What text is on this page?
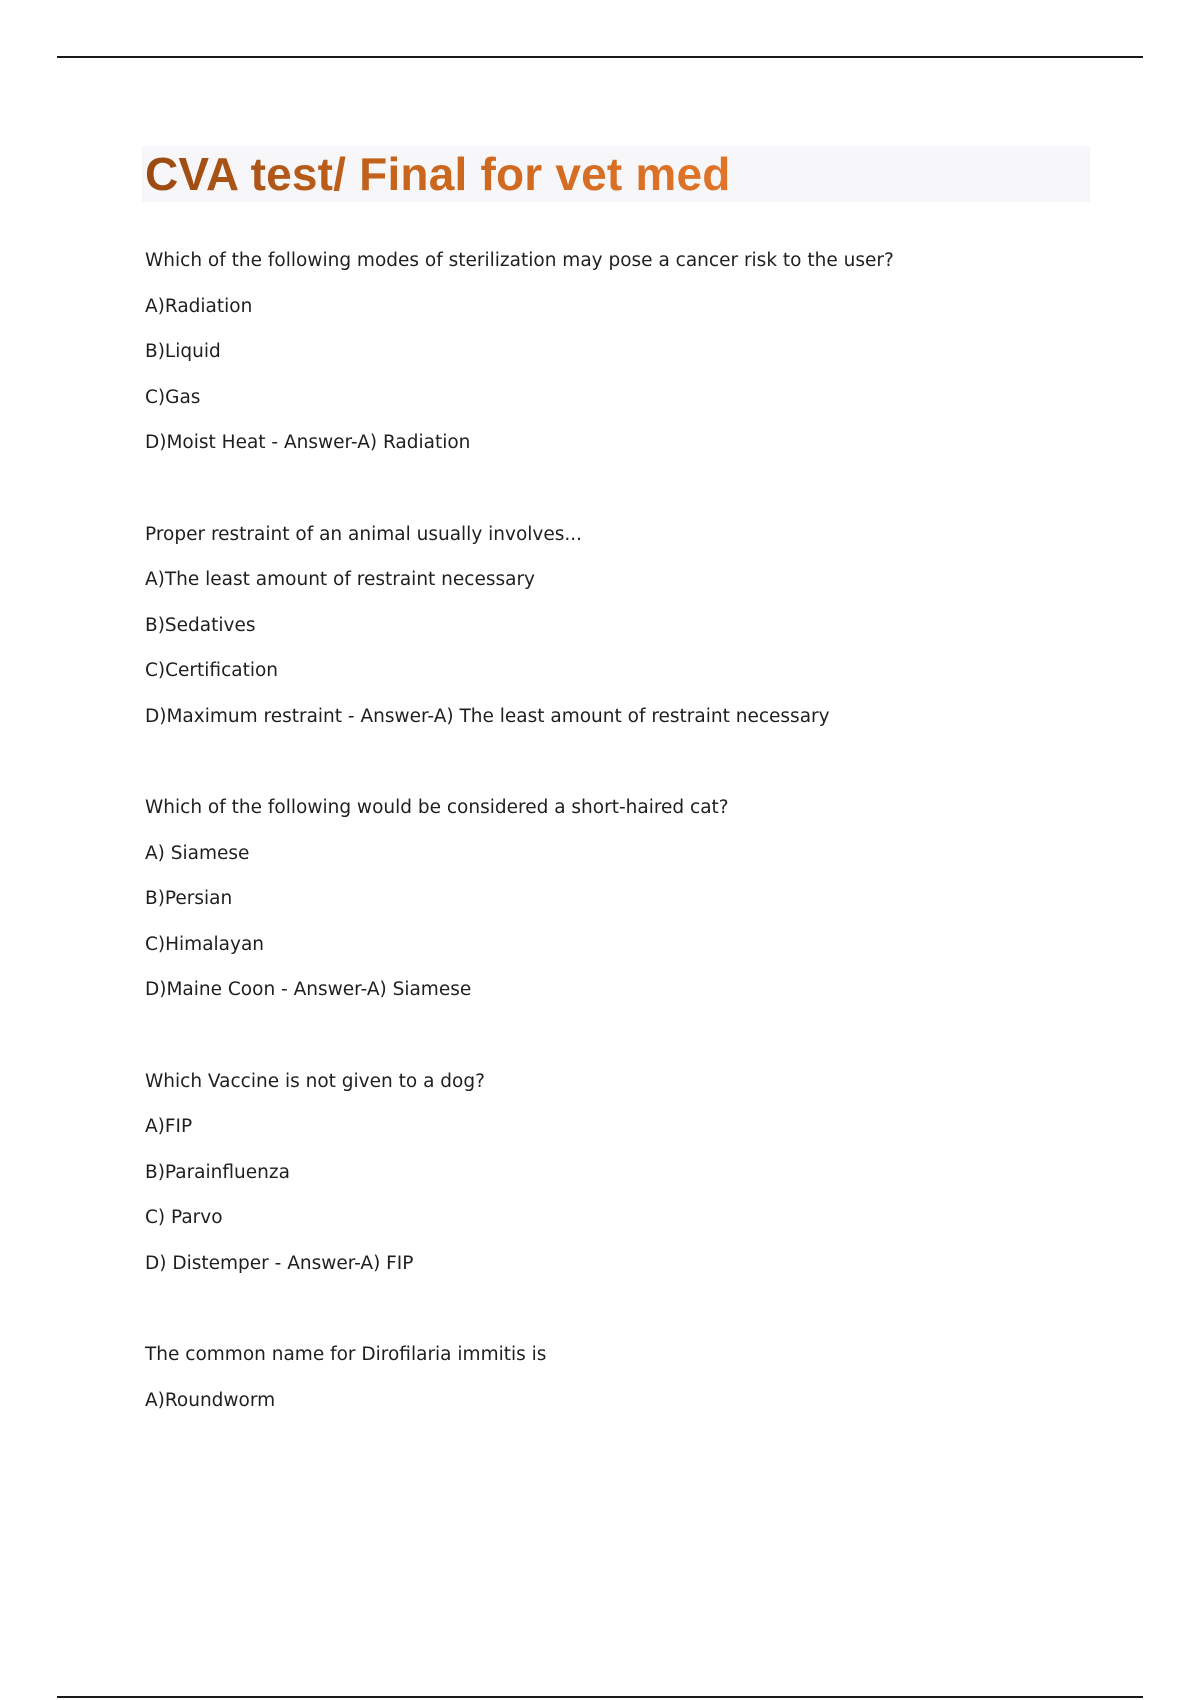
CVA test/ Final for vet med
Which of the following modes of sterilization may pose a cancer risk to the user?
A)Radiation
B)Liquid
C)Gas
D)Moist Heat - Answer-A) Radiation
Proper restraint of an animal usually involves...
A)The least amount of restraint necessary
B)Sedatives
C)Certification
D)Maximum restraint - Answer-A) The least amount of restraint necessary
Which of the following would be considered a short-haired cat?
A) Siamese
B)Persian
C)Himalayan
D)Maine Coon - Answer-A) Siamese
Which Vaccine is not given to a dog?
A)FIP
B)Parainfluenza
C) Parvo
D) Distemper - Answer-A) FIP
The common name for Dirofilaria immitis is
A)Roundworm
